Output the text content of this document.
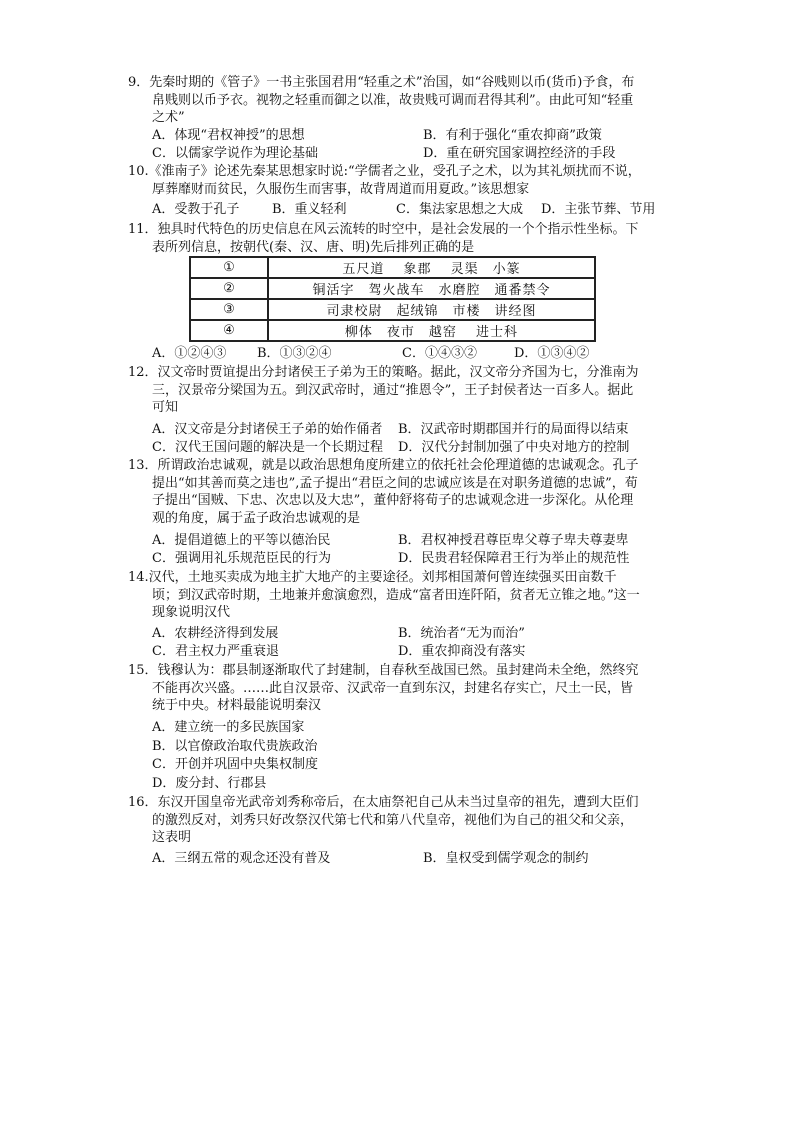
9．先秦时期的《管子》一书主张国君用“轻重之术”治国，如“谷贱则以币(货币)予食，布帛贱则以币予衣。视物之轻重而御之以准，故贵贱可调而君得其利”。由此可知“轻重之术”
A．体现“君权神授”的思想	B．有利于强化“重农抑商”政策
C．以儒家学说作为理论基础	D．重在研究国家调控经济的手段
10.《淮南子》论述先秦某思想家时说:“学儒者之业，受孔子之术，以为其礼烦扰而不说，厚葬靡财而贫民，久服伤生而害事，故背周道而用夏政。”该思想家
A．受教于孔子	B．重义轻利	C．集法家思想之大成 D．主张节葬、节用
11．独具时代特色的历史信息在风云流转的时空中，是社会发展的一个个指示性坐标。下表所列信息，按朝代(秦、汉、唐、明)先后排列正确的是
①	五尺道　 象郡　 灵渠　小篆
②	铜活字　驾火战车　水磨腔　通番禁令
③	司隶校尉　起绒锦　市楼　讲经图
④	柳体　夜市　越窑　 进士科
A．①②④③ B．①③②④	C．①④③②	D．①③④②
12．汉文帝时贾谊提出分封诸侯王子弟为王的策略。据此，汉文帝分齐国为七，分淮南为三，汉景帝分梁国为五。到汉武帝时，通过“推恩令”，王子封侯者达一百多人。据此可知
A．汉文帝是分封诸侯王子弟的始作俑者 B．汉武帝时期郡国并行的局面得以结束
C．汉代王国问题的解决是一个长期过程 D．汉代分封制加强了中央对地方的控制
13．所谓政治忠诚观，就是以政治思想角度所建立的依托社会伦理道德的忠诚观念。孔子提出“如其善而莫之违也”,孟子提出“君臣之间的忠诚应该是在对职务道德的忠诚”，荀子提出“国贼、下忠、次忠以及大忠”，董仲舒将荀子的忠诚观念进一步深化。从伦理观的角度，属于孟子政治忠诚观的是
A．提倡道德上的平等以德治民	B．君权神授君尊臣卑父尊子卑夫尊妻卑
C．强调用礼乐规范臣民的行为	D．民贵君轻保障君王行为举止的规范性
14.汉代，土地买卖成为地主扩大地产的主要途径。刘邦相国萧何曾连续强买田亩数千顷；到汉武帝时期，土地兼并愈演愈烈，造成“富者田连阡陌，贫者无立锥之地。”这一现象说明汉代
A．农耕经济得到发展	B．统治者“无为而治”
C．君主权力严重衰退	D．重农抑商没有落实
15．钱穆认为：郡县制逐渐取代了封建制，自春秋至战国已然。虽封建尚未全绝，然终究不能再次兴盛。……此自汉景帝、汉武帝一直到东汉，封建名存实亡，尺土一民，皆统于中央。材料最能说明秦汉
A．建立统一的多民族国家
B．以官僚政治取代贵族政治
C．开创并巩固中央集权制度
D．废分封、行郡县
16．东汉开国皇帝光武帝刘秀称帝后，在太庙祭祀自己从未当过皇帝的祖先，遭到大臣们的激烈反对，刘秀只好改祭汉代第七代和第八代皇帝，视他们为自己的祖父和父亲，这表明
A．三纲五常的观念还没有普及	B．皇权受到儒学观念的制约
